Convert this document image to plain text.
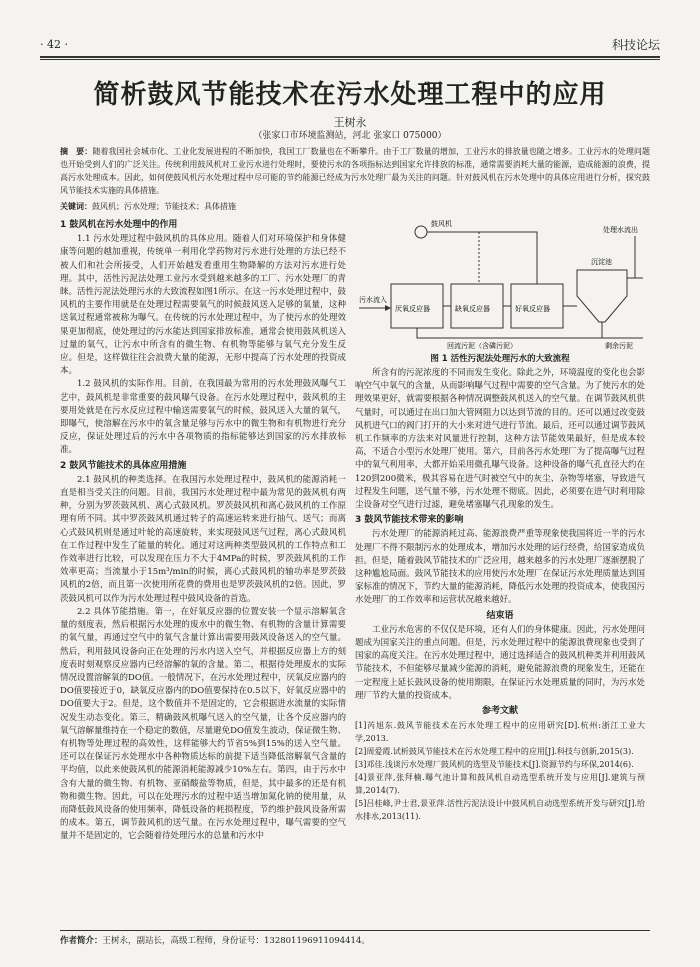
· 42 ·	科技论坛
简析鼓风节能技术在污水处理工程中的应用
王树永
（张家口市环境监测站，河北 张家口 075000）
摘　要：随着我国社会城市化、工业化发展进程的不断加快，我国工厂数量也在不断攀升。由于工厂数量的增加，工业污水的排放量也随之增多。工业污水的处理问题也开始受到人们的广泛关注。传统利用鼓风机对工业污水进行处理时，要使污水的各项指标达到国家允许排放的标准，通常需要消耗大量的能源，造成能源的浪费，提高污水处理成本。因此，如何使鼓风机污水处理过程中尽可能的节约能源已经成为污水处理厂最为关注的问题。针对鼓风机在污水处理中的具体应用进行分析，探究鼓风节能技术实施的具体措施。
关键词：鼓风机；污水处理；节能技术；具体措施
1 鼓风机在污水处理中的作用

1.1 污水处理过程中鼓风机的具体应用。随着人们对环境保护和身体健康等问题的越加重视，传统单一利用化学药物对污水进行处理的方法已经不被人们和社会所接受，人们开始越发看重用生物降解的方法对污水进行处理。其中，活性污泥法处理工业污水受到越来越多的工厂、污水处理厂的青睐。活性污泥法处理污水的大致流程如图1所示。在这一污水处理过程中，鼓风机的主要作用就是在处理过程需要氧气的时候鼓风送入足够的氧量，这种送氧过程通常被称为曝气。在传统的污水处理过程中，为了使污水的处理效果更加彻底，使处理过的污水能达到国家排放标准，通常会使用鼓风机送入过量的氧气，让污水中所含有的微生物、有机物等能够与氧气充分发生反应。但是，这样做往往会浪费大量的能源，无形中提高了污水处理的投资成本。

1.2 鼓风机的实际作用。目前，在我国最为常用的污水处理鼓风曝气工艺中，鼓风机是非常重要的鼓风曝气设备。在污水处理过程中，鼓风机的主要用处就是在污水反应过程中输送需要氧气的时候，鼓风送入大量的氧气，即曝气，使溶解在污水中的氧含量足够与污水中的微生物和有机物进行充分反应，保证处理过后的污水中各项物质的指标能够达到国家的污水排放标准。

2 鼓风节能技术的具体应用措施

2.1 鼓风机的种类选择。在我国污水处理过程中，鼓风机的能源消耗一直是相当受关注的问题。目前，我国污水处理过程中最为常见的鼓风机有两种，分别为罗茨鼓风机、离心式鼓风机。罗茨鼓风机和离心鼓风机的工作原理有所不同。其中罗茨鼓风机通过转子的高速运转来进行抽气、送气；而离心式鼓风机则是通过叶轮的高速旋转，来实现鼓风送气过程，离心式鼓风机在工作过程中发生了能量的转化。通过对这两种类型鼓风机的工作特点和工作效率进行比较，可以发现在压力不大于4MPa的时候，罗茨鼓风机的工作效率更高；当流量小于15m³/min的时候，离心式鼓风机的轴功率是罗茨鼓风机的2倍，而且第一次使用所花费的费用也是罗茨鼓风机的2倍。因此，罗茨鼓风机可以作为污水处理过程中鼓风设备的首选。

2.2 具体节能措施。第一，在好氧反应器的位置安装一个显示溶解氧含量的刻度表，然后根据污水处理的废水中的微生物、有机物的含量计算需要的氧气量，再通过空气中的氧气含量计算出需要用鼓风设备送入的空气量。然后，利用鼓风设备向正在处理的污水内送入空气，并根据反应器上方的刻度表时刻观察反应器内已经溶解的氧的含量。第二，根据待处理废水的实际情况设置溶解氧的DO值。一般情况下，在污水处理过程中，厌氧反应器内的DO值要接近于0，缺氧反应器内的DO值要保持在0.5以下，好氧反应器中的DO值要大于2。但是，这个数值并不是固定的，它会根据进水流量的实际情况发生动态变化。第三，精确鼓风机曝气送入的空气量，让各个反应器内的氧气溶解量维持在一个稳定的数值，尽量避免DO值发生波动，保证微生物、有机物等处理过程的高效性，这样能够大约节省5%到15%的送入空气量。还可以在保证污水处理水中各种物质达标的前提下适当降低溶解氧气含量的平均值，以此来使鼓风机的能源消耗能源减少10%左右。第四，由于污水中含有大量的微生物、有机物、亚硝酸盐等物质，但是，其中最多的还是有机物和微生物。因此，可以在处理污水的过程中适当增加氮化钠的使用量，从而降低鼓风设备的使用频率，降低设备的耗损程度，节约维护鼓风设备所需的成本。第五，调节鼓风机的送气量。在污水处理过程中，曝气需要的空气量并不是固定的，它会随着待处理污水的总量和污水中

污水流入
厌氧反应器	缺氧反应器	好氧反应器
沉淀池
处理水流出
鼓风机
回流污泥（含磷污泥）	剩余污泥
图 1 活性污泥法处理污水的大致流程

所含有的污泥浓度的不同而发生变化。除此之外，环境温度的变化也会影响空气中氧气的含量，从而影响曝气过程中需要的空气含量。为了使污水的处理效果更好，就需要根据各种情况调整鼓风机送入的空气量。在调节鼓风机供气量时，可以通过在出口加大管网阻力以达到节流的目的。还可以通过改变鼓风机进气口的阀门打开的大小来对进气进行节流。最后，还可以通过调节鼓风机工作频率的方法来对风量进行控制，这种方法节能效果最好，但是成本较高，不适合小型污水处理厂使用。第六，目前各污水处理厂为了提高曝气过程中的氧气利用率，大都开始采用微孔曝气设备。这种设备的曝气孔直径大约在120到200微米，极其容易在进气时被空气中的灰尘、杂物等堵塞，导致进气过程发生问题，送气量不够，污水处理不彻底。因此，必须要在进气时利用除尘设备对空气进行过滤，避免堵塞曝气孔现象的发生。

3 鼓风节能技术带来的影响

污水处理厂的能源消耗过高、能源浪费严重等现象使我国将近一半的污水处理厂不得不限制污水的处理成本，增加污水处理的运行经费，给国家造成负担。但是，随着鼓风节能技术的广泛应用，越来越多的污水处理厂逐渐摆脱了这种尴尬局面。鼓风节能技术的应用使污水处理厂在保证污水处理质量达到国家标准的情况下，节约大量的能源消耗，降低污水处理的投资成本，使我国污水处理厂的工作效率和运营状况越来越好。

结束语

工业污水危害的不仅仅是环境，还有人们的身体健康。因此，污水处理问题成为国家关注的重点问题。但是，污水处理过程中的能源浪费现象也受到了国家的高度关注。在污水处理过程中，通过选择适合的鼓风机种类并利用鼓风节能技术，不但能够尽量减少能源的消耗，避免能源浪费的现象发生，还能在一定程度上延长鼓风设备的使用期限，在保证污水处理质量的同时，为污水处理厂节约大量的投资成本。

参考文献

[1]芮旭东.鼓风节能技术在污水处理工程中的应用研究[D].杭州:浙江工业大学,2013.

[2]周爱霞.试析鼓风节能技术在污水处理工程中的应用[J].科技与创新,2015(3).

[3]邓佳.浅谈污水处理厂鼓风机的选型及节能技术[J].资源节约与环保,2014(6).

[4]景亚萍,张拜楠.曝气池计算和鼓风机自动选型系统开发与应用[J].建筑与预算,2014(7).

[5]吕桂峰,尹士君,景亚萍.活性污泥法设计中鼓风机自动选型系统开发与研究[J].给水排水,2013(11).

作者简介：王树永，副站长，高级工程师，身份证号：132801196911094414。
